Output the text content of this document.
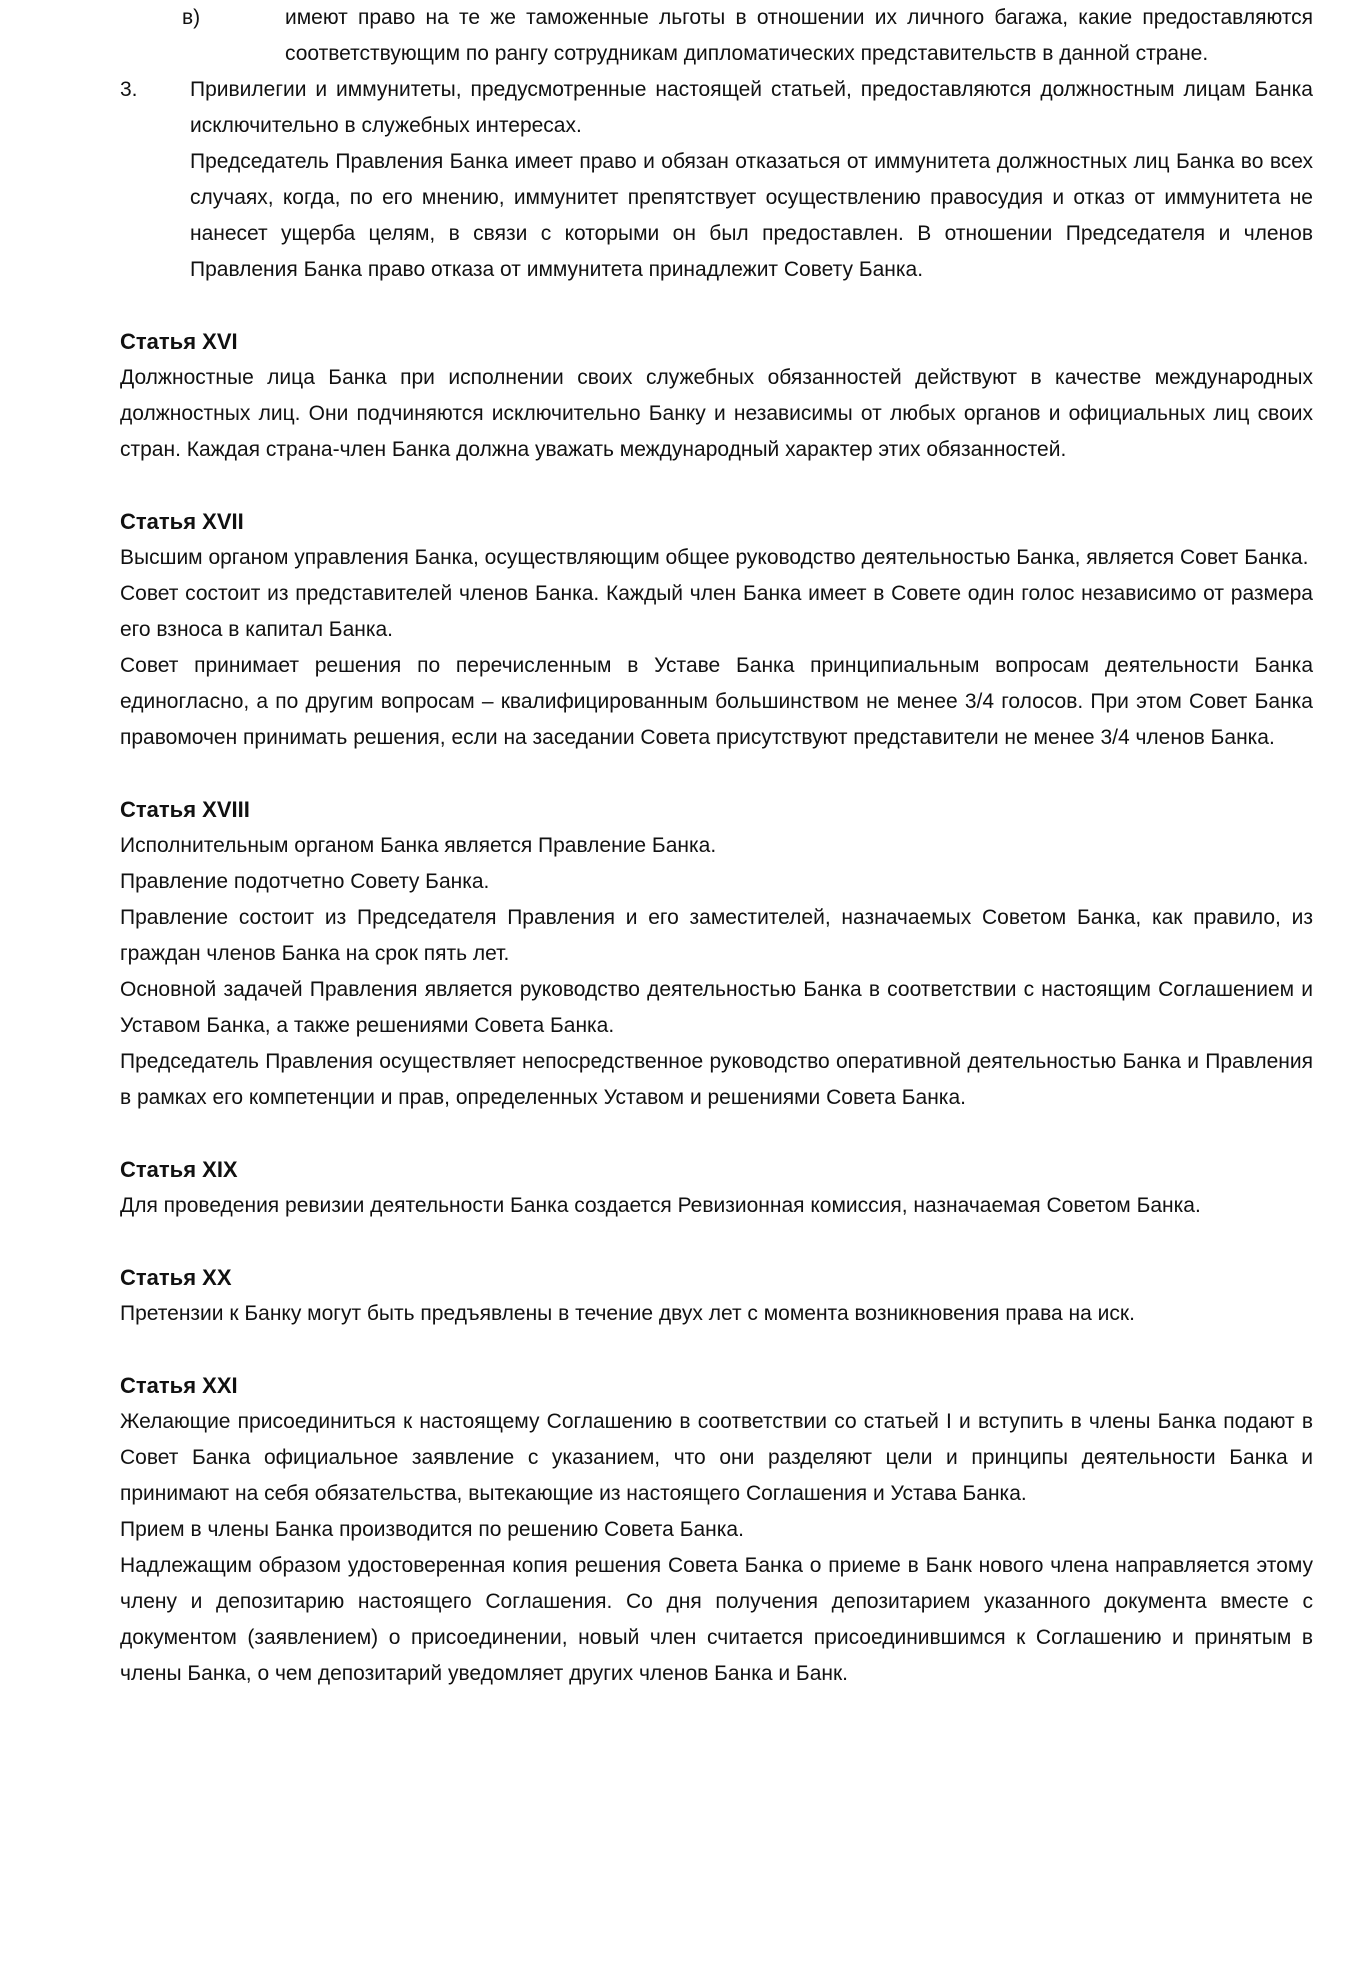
в)	имеют право на те же таможенные льготы в отношении их личного багажа, какие предоставляются соответствующим по рангу сотрудникам дипломатических представительств в данной стране.

3.	Привилегии и иммунитеты, предусмотренные настоящей статьей, предоставляются должностным лицам Банка исключительно в служебных интересах.

Председатель Правления Банка имеет право и обязан отказаться от иммунитета должностных лиц Банка во всех случаях, когда, по его мнению, иммунитет препятствует осуществлению правосудия и отказ от иммунитета не нанесет ущерба целям, в связи с которыми он был предоставлен. В отношении Председателя и членов Правления Банка право отказа от иммунитета принадлежит Совету Банка.

Статья XVI

Должностные лица Банка при исполнении своих служебных обязанностей действуют в качестве международных должностных лиц. Они подчиняются исключительно Банку и независимы от любых органов и официальных лиц своих стран. Каждая страна-член Банка должна уважать международный характер этих обязанностей.

Статья XVII

Высшим органом управления Банка, осуществляющим общее руководство деятельностью Банка, является Совет Банка.

Совет состоит из представителей членов Банка. Каждый член Банка имеет в Совете один голос независимо от размера его взноса в капитал Банка.

Совет принимает решения по перечисленным в Уставе Банка принципиальным вопросам деятельности Банка единогласно, а по другим вопросам – квалифицированным большинством не менее 3/4 голосов. При этом Совет Банка правомочен принимать решения, если на заседании Совета присутствуют представители не менее 3/4 членов Банка.

Статья XVIII

Исполнительным органом Банка является Правление Банка.

Правление подотчетно Совету Банка.

Правление состоит из Председателя Правления и его заместителей, назначаемых Советом Банка, как правило, из граждан членов Банка на срок пять лет.

Основной задачей Правления является руководство деятельностью Банка в соответствии с настоящим Соглашением и Уставом Банка, а также решениями Совета Банка.

Председатель Правления осуществляет непосредственное руководство оперативной деятельностью Банка и Правления в рамках его компетенции и прав, определенных Уставом и решениями Совета Банка.

Статья XIX

Для проведения ревизии деятельности Банка создается Ревизионная комиссия, назначаемая Советом Банка.

Статья XX

Претензии к Банку могут быть предъявлены в течение двух лет с момента возникновения права на иск.

Статья XXI

Желающие присоединиться к настоящему Соглашению в соответствии со статьей I и вступить в члены Банка подают в Совет Банка официальное заявление с указанием, что они разделяют цели и принципы деятельности Банка и принимают на себя обязательства, вытекающие из настоящего Соглашения и Устава Банка.

Прием в члены Банка производится по решению Совета Банка.

Надлежащим образом удостоверенная копия решения Совета Банка о приеме в Банк нового члена направляется этому члену и депозитарию настоящего Соглашения. Со дня получения депозитарием указанного документа вместе с документом (заявлением) о присоединении, новый член считается присоединившимся к Соглашению и принятым в члены Банка, о чем депозитарий уведомляет других членов Банка и Банк.
